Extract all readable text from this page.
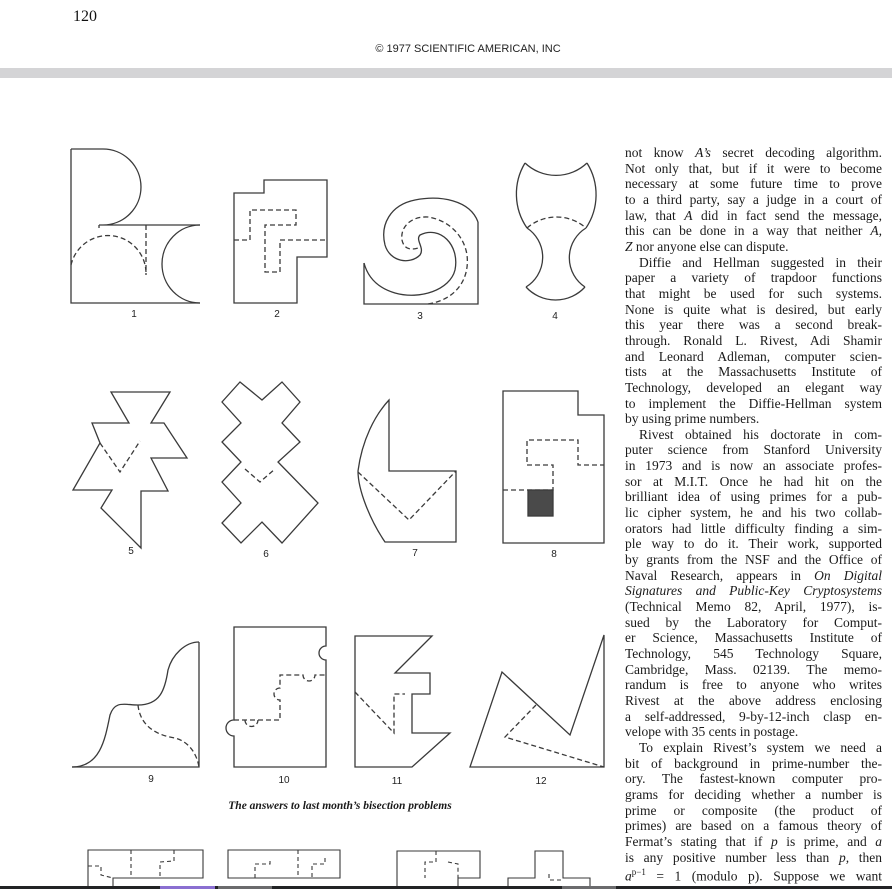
120
© 1977 SCIENTIFIC AMERICAN, INC
1	2	3	4
5	6	7	8
9	10	11	12
The answers to last month’s bisection problems
not know A’s secret decoding algorithm.
Not only that, but if it were to become
necessary at some future time to prove
to a third party, say a judge in a court of
law, that A did in fact send the message,
this can be done in a way that neither A,
Z nor anyone else can dispute.
Diffie and Hellman suggested in their
paper a variety of trapdoor functions
that might be used for such systems.
None is quite what is desired, but early
this year there was a second break-
through. Ronald L. Rivest, Adi Shamir
and Leonard Adleman, computer scien-
tists at the Massachusetts Institute of
Technology, developed an elegant way
to implement the Diffie-Hellman system
by using prime numbers.
Rivest obtained his doctorate in com-
puter science from Stanford University
in 1973 and is now an associate profes-
sor at M.I.T. Once he had hit on the
brilliant idea of using primes for a pub-
lic cipher system, he and his two collab-
orators had little difficulty finding a sim-
ple way to do it. Their work, supported
by grants from the NSF and the Office of
Naval Research, appears in On Digital
Signatures and Public-Key Cryptosystems
(Technical Memo 82, April, 1977), is-
sued by the Laboratory for Comput-
er Science, Massachusetts Institute of
Technology, 545 Technology Square,
Cambridge, Mass. 02139. The memo-
randum is free to anyone who writes
Rivest at the above address enclosing
a self-addressed, 9-by-12-inch clasp en-
velope with 35 cents in postage.
To explain Rivest’s system we need a
bit of background in prime-number the-
ory. The fastest-known computer pro-
grams for deciding whether a number is
prime or composite (the product of
primes) are based on a famous theory of
Fermat’s stating that if p is prime, and a
is any positive number less than p, then
$a^{p-1} = 1$ (modulo p). Suppose we want
